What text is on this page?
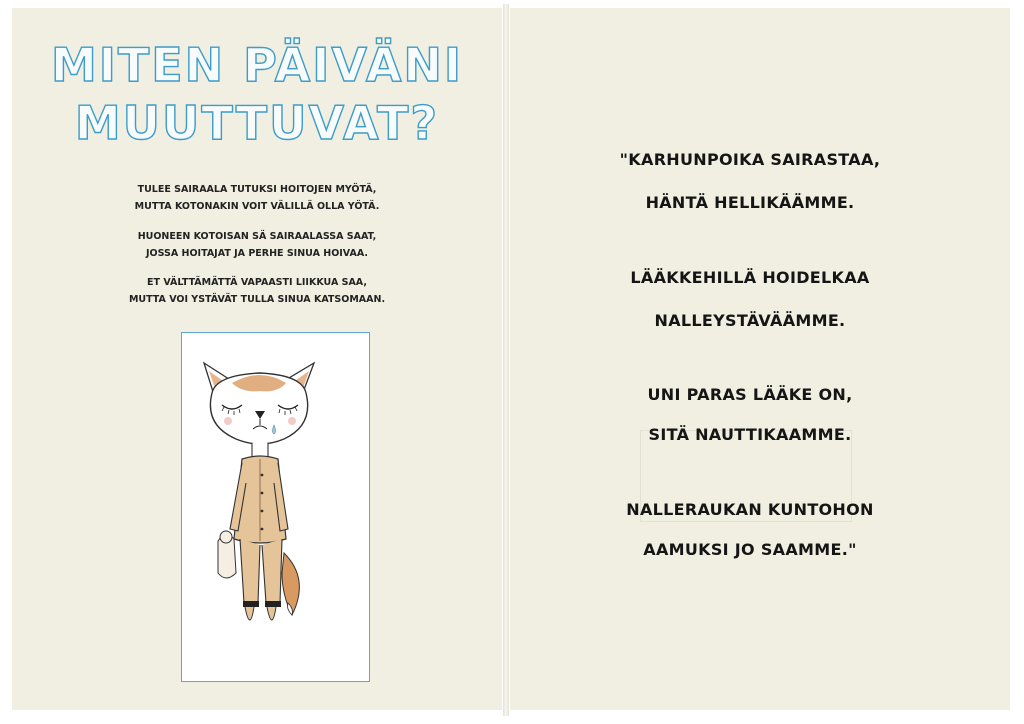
MITEN PÄIVÄNI
MUUTTUVAT?
TULEE SAIRAALA TUTUKSI HOITOJEN MYÖTÄ,
MUTTA KOTONAKIN VOIT VÄLILLÄ OLLA YÖTÄ.
HUONEEN KOTOISAN SÄ SAIRAALASSA SAAT,
JOSSA HOITAJAT JA PERHE SINUA HOIVAA.
ET VÄLTTÄMÄTTÄ VAPAASTI LIIKKUA SAA,
MUTTA VOI YSTÄVÄT TULLA SINUA KATSOMAAN.
"KARHUNPOIKA SAIRASTAA,
HÄNTÄ HELLIKÄÄMME.
LÄÄKKEHILLÄ HOIDELKAA
NALLEYSTÄVÄÄMME.
UNI PARAS LÄÄKE ON,
SITÄ NAUTTIKAAMME.
NALLERAUKAN KUNTOHON
AAMUKSI JO SAAMME."
